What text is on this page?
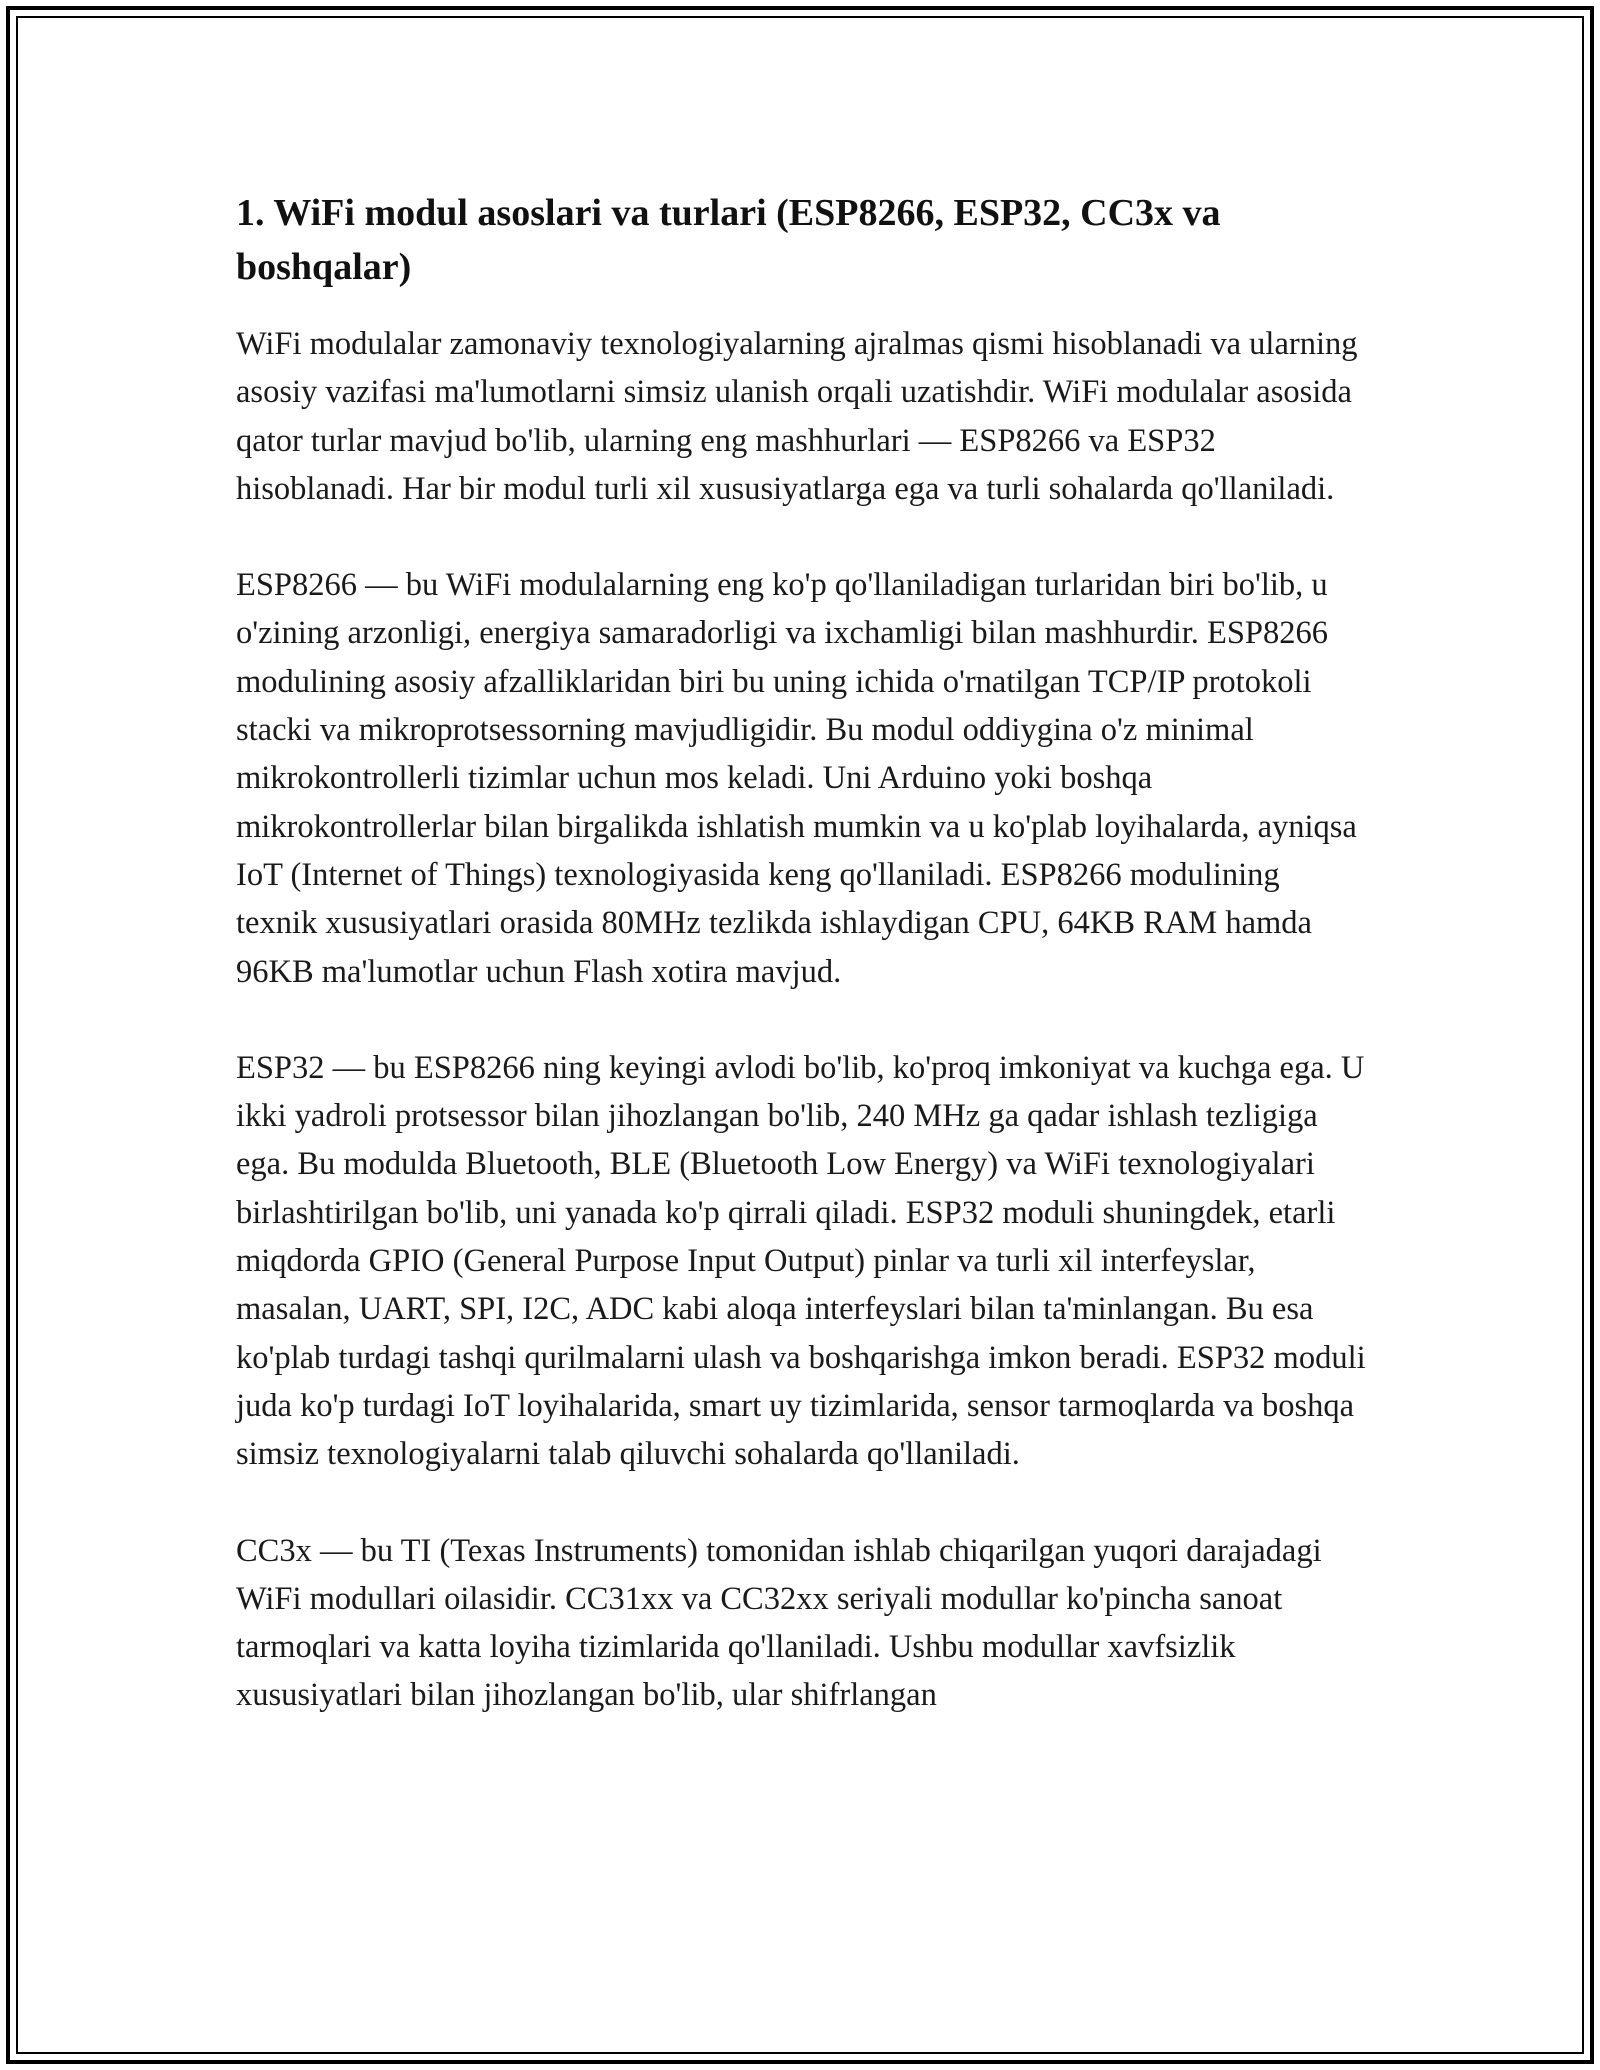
1. WiFi modul asoslari va turlari (ESP8266, ESP32, CC3x va boshqalar)

WiFi modulalar zamonaviy texnologiyalarning ajralmas qismi hisoblanadi va ularning asosiy vazifasi ma'lumotlarni simsiz ulanish orqali uzatishdir. WiFi modulalar asosida qator turlar mavjud bo'lib, ularning eng mashhurlari — ESP8266 va ESP32 hisoblanadi. Har bir modul turli xil xususiyatlarga ega va turli sohalarda qo'llaniladi.

ESP8266 — bu WiFi modulalarning eng ko'p qo'llaniladigan turlaridan biri bo'lib, u o'zining arzonligi, energiya samaradorligi va ixchamligi bilan mashhurdir. ESP8266 modulining asosiy afzalliklaridan biri bu uning ichida o'rnatilgan TCP/IP protokoli stacki va mikroprotsessorning mavjudligidir. Bu modul oddiygina o'z minimal mikrokontrollerli tizimlar uchun mos keladi. Uni Arduino yoki boshqa mikrokontrollerlar bilan birgalikda ishlatish mumkin va u ko'plab loyihalarda, ayniqsa IoT (Internet of Things) texnologiyasida keng qo'llaniladi. ESP8266 modulining texnik xususiyatlari orasida 80MHz tezlikda ishlaydigan CPU, 64KB RAM hamda 96KB ma'lumotlar uchun Flash xotira mavjud.

ESP32 — bu ESP8266 ning keyingi avlodi bo'lib, ko'proq imkoniyat va kuchga ega. U ikki yadroli protsessor bilan jihozlangan bo'lib, 240 MHz ga qadar ishlash tezligiga ega. Bu modulda Bluetooth, BLE (Bluetooth Low Energy) va WiFi texnologiyalari birlashtirilgan bo'lib, uni yanada ko'p qirrali qiladi. ESP32 moduli shuningdek, etarli miqdorda GPIO (General Purpose Input Output) pinlar va turli xil interfeyslar, masalan, UART, SPI, I2C, ADC kabi aloqa interfeyslari bilan ta'minlangan. Bu esa ko'plab turdagi tashqi qurilmalarni ulash va boshqarishga imkon beradi. ESP32 moduli juda ko'p turdagi IoT loyihalarida, smart uy tizimlarida, sensor tarmoqlarda va boshqa simsiz texnologiyalarni talab qiluvchi sohalarda qo'llaniladi.

CC3x — bu TI (Texas Instruments) tomonidan ishlab chiqarilgan yuqori darajadagi WiFi modullari oilasidir. CC31xx va CC32xx seriyali modullar ko'pincha sanoat tarmoqlari va katta loyiha tizimlarida qo'llaniladi. Ushbu modullar xavfsizlik xususiyatlari bilan jihozlangan bo'lib, ular shifrlangan
